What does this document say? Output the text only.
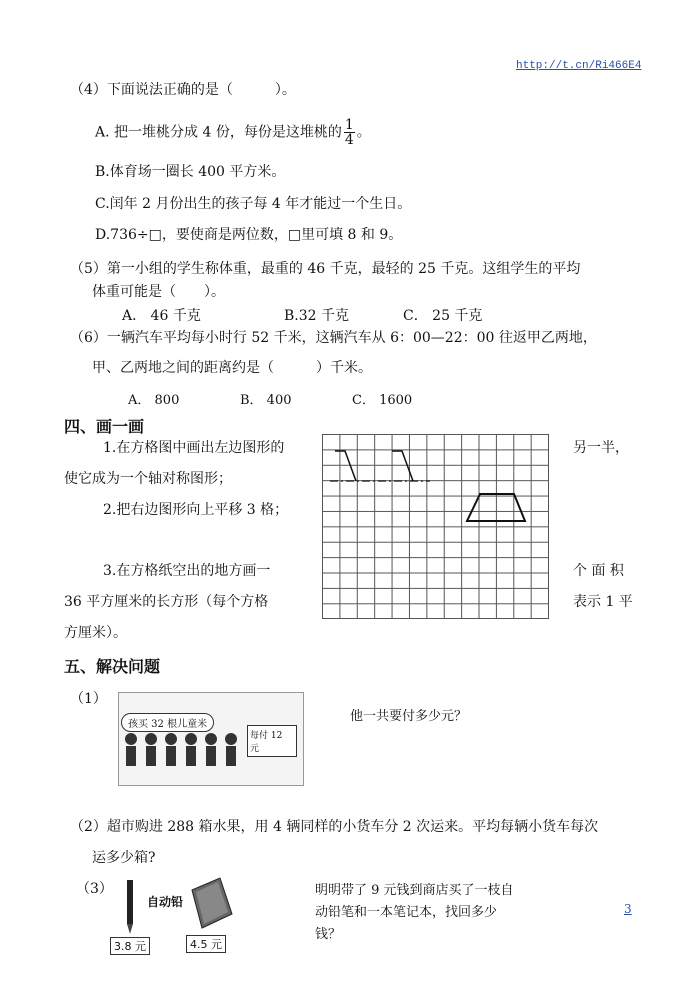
http://t.cn/Ri466E4
（4）下面说法正确的是（　　　）。
A. 把一堆桃分成 4 份，每份是这堆桃的 $\frac{1}{4}$ 。
B.体育场一圈长 400 平方米。
C.闰年 2 月份出生的孩子每 4 年才能过一个生日。
D.736÷□，要使商是两位数，□里可填 8 和 9。
（5）第一小组的学生称体重，最重的 46 千克，最轻的 25 千克。这组学生的平均
体重可能是（　　）。
A． 46 千克	B.32 千克	C． 25 千克
（6）一辆汽车平均每小时行 52 千米，这辆汽车从 6：00—22：00 往返甲乙两地，
甲、乙两地之间的距离约是（　　　）千米。
A． 800	B． 400	C． 1600
四、画一画
1.在方格图中画出左边图形的	另一半，
使它成为一个轴对称图形；
2.把右边图形向上平移 3 格；
3.在方格纸空出的地方画一	个 面 积
36 平方厘米的长方形（每个方格	表示 1 平
方厘米）。
五、解决问题
（1）
孩买 32 根儿童米
每付 12 元
他一共要付多少元？
（2）超市购进 288 箱水果，用 4 辆同样的小货车分 2 次运来。平均每辆小货车每次
运多少箱?
（3）
3.8 元
自动铅
4.5 元
明明带了 9 元钱到商店买了一枝自动铅笔和一本笔记本，找回多少钱？
3
